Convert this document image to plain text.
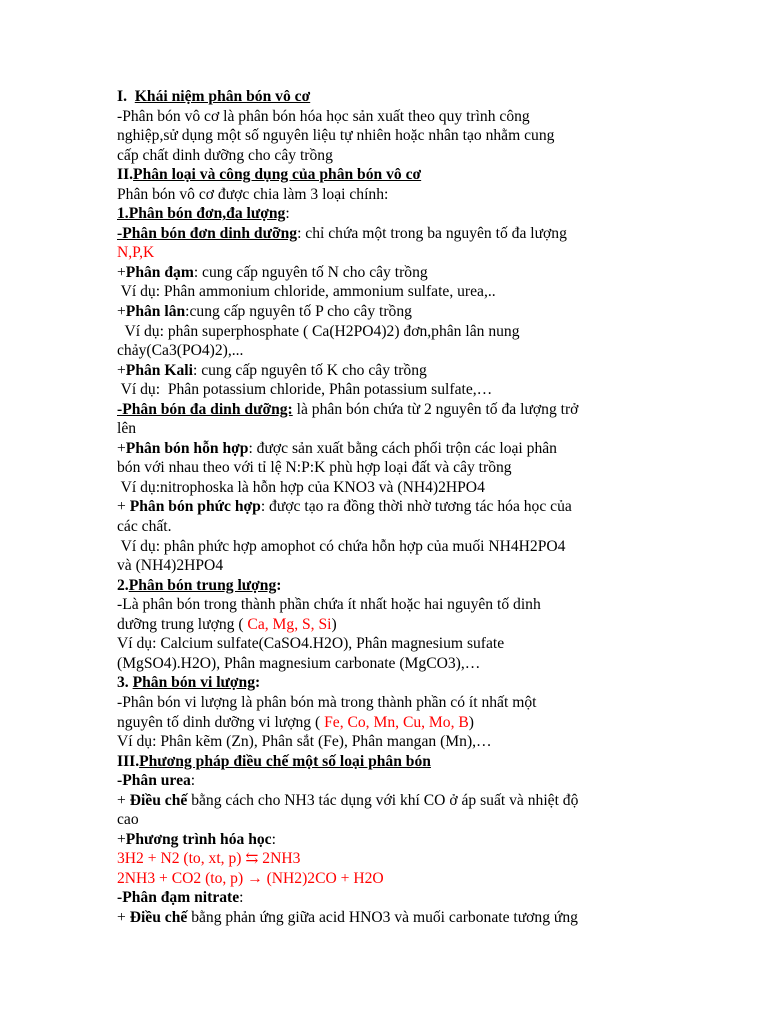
I.  Khái niệm phân bón vô cơ
-Phân bón vô cơ là phân bón hóa học sản xuất theo quy trình công
nghiệp,sử dụng một số nguyên liệu tự nhiên hoặc nhân tạo nhằm cung
cấp chất dinh dưỡng cho cây trồng
II.Phân loại và công dụng của phân bón vô cơ
Phân bón vô cơ được chia làm 3 loại chính:
1.Phân bón đơn,đa lượng:
-Phân bón đơn dinh dưỡng: chỉ chứa một trong ba nguyên tố đa lượng
N,P,K
+Phân đạm: cung cấp nguyên tố N cho cây trồng
Ví dụ: Phân ammonium chloride, ammonium sulfate, urea,..
+Phân lân:cung cấp nguyên tố P cho cây trồng
Ví dụ: phân superphosphate ( Ca(H2PO4)2) đơn,phân lân nung
chảy(Ca3(PO4)2),...
+Phân Kali: cung cấp nguyên tố K cho cây trồng
Ví dụ:  Phân potassium chloride, Phân potassium sulfate,…
-Phân bón đa dinh dưỡng: là phân bón chứa từ 2 nguyên tố đa lượng trở
lên
+Phân bón hỗn hợp: được sản xuất bằng cách phối trộn các loại phân
bón với nhau theo với tỉ lệ N:P:K phù hợp loại đất và cây trồng
Ví dụ:nitrophoska là hỗn hợp của KNO3 và (NH4)2HPO4
+ Phân bón phức hợp: được tạo ra đồng thời nhờ tương tác hóa học của
các chất.
Ví dụ: phân phức hợp amophot có chứa hỗn hợp của muối NH4H2PO4
và (NH4)2HPO4
2.Phân bón trung lượng:
-Là phân bón trong thành phần chứa ít nhất hoặc hai nguyên tố dinh
dưỡng trung lượng ( Ca, Mg, S, Si)
Ví dụ: Calcium sulfate(CaSO4.H2O), Phân magnesium sufate
(MgSO4).H2O), Phân magnesium carbonate (MgCO3),…
3. Phân bón vi lượng:
-Phân bón vi lượng là phân bón mà trong thành phần có ít nhất một
nguyên tố dinh dưỡng vi lượng ( Fe, Co, Mn, Cu, Mo, B)
Ví dụ: Phân kẽm (Zn), Phân sắt (Fe), Phân mangan (Mn),…
III.Phương pháp điều chế một số loại phân bón
-Phân urea:
+ Điều chế bằng cách cho NH3 tác dụng với khí CO ở áp suất và nhiệt độ
cao
+Phương trình hóa học:
3H2 + N2 (to, xt, p) ⇆ 2NH3
2NH3 + CO2 (to, p) → (NH2)2CO + H2O
-Phân đạm nitrate:
+ Điều chế bằng phản ứng giữa acid HNO3 và muối carbonate tương ứng
